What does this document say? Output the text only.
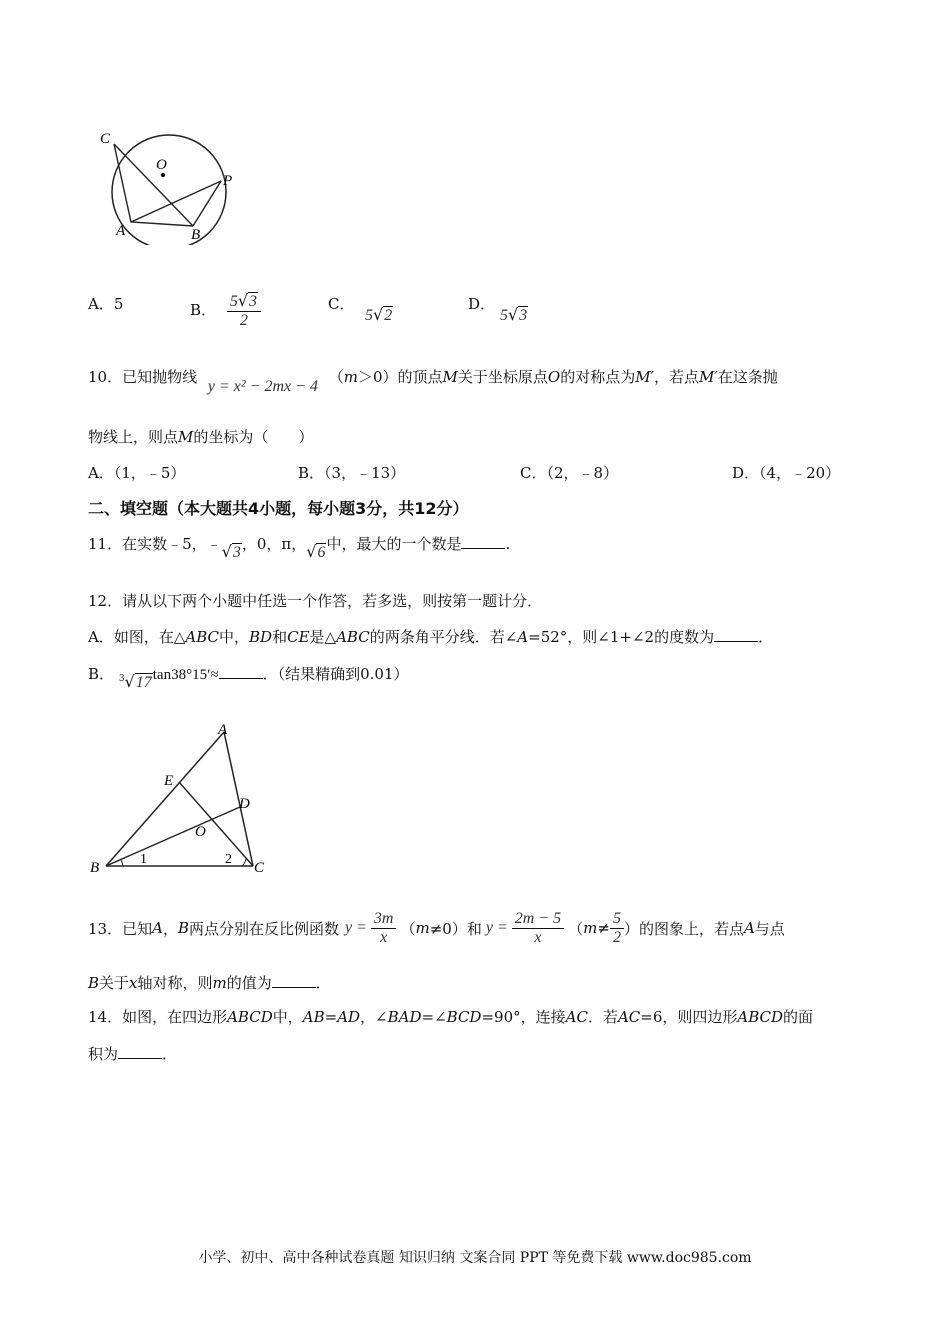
C
O
P
A	B
A．5	B． $\frac{5√3}{2}$	C．
5√2
D．
5√3
10．已知抛物线 y = x² − 2mx − 4 （m＞0）的顶点M关于坐标原点O的对称点为M′，若点M′在这条抛
物线上，则点M的坐标为（　　）
A．（1，﹣5）	B．（3，﹣13）	C．（2，﹣8）	D．（4，﹣20）
二、填空题（本大题共4小题，每小题3分，共12分）
11．在实数﹣5，﹣√3，0，π，√6中，最大的一个数是	.
12．请从以下两个小题中任选一个作答，若多选，则按第一题计分．
A．如图，在△ABC中，BD和CE是△ABC的两条角平分线．若∠A=52°，则∠1+∠2的度数为	．
B． $^3$√17tan38°15′≈	．（结果精确到0.01）
A
E
D
O
B	C
1	2
13．已知 A ， B 两点分别在反比例函数 $y = \frac{3m}{x}$ （ m ≠0）和 $y = \frac{2m - 5}{x}$ （ $m \ne \frac{5}{2}$ ）的图象上，若点 A 与点
B关于x轴对称，则m的值为	．
14．如图，在四边形ABCD中，AB=AD，∠BAD=∠BCD=90°，连接AC．若AC=6，则四边形ABCD的面
积为	．
小学、初中、高中各种试卷真题 知识归纳 文案合同 PPT 等免费下载 www.doc985.com
